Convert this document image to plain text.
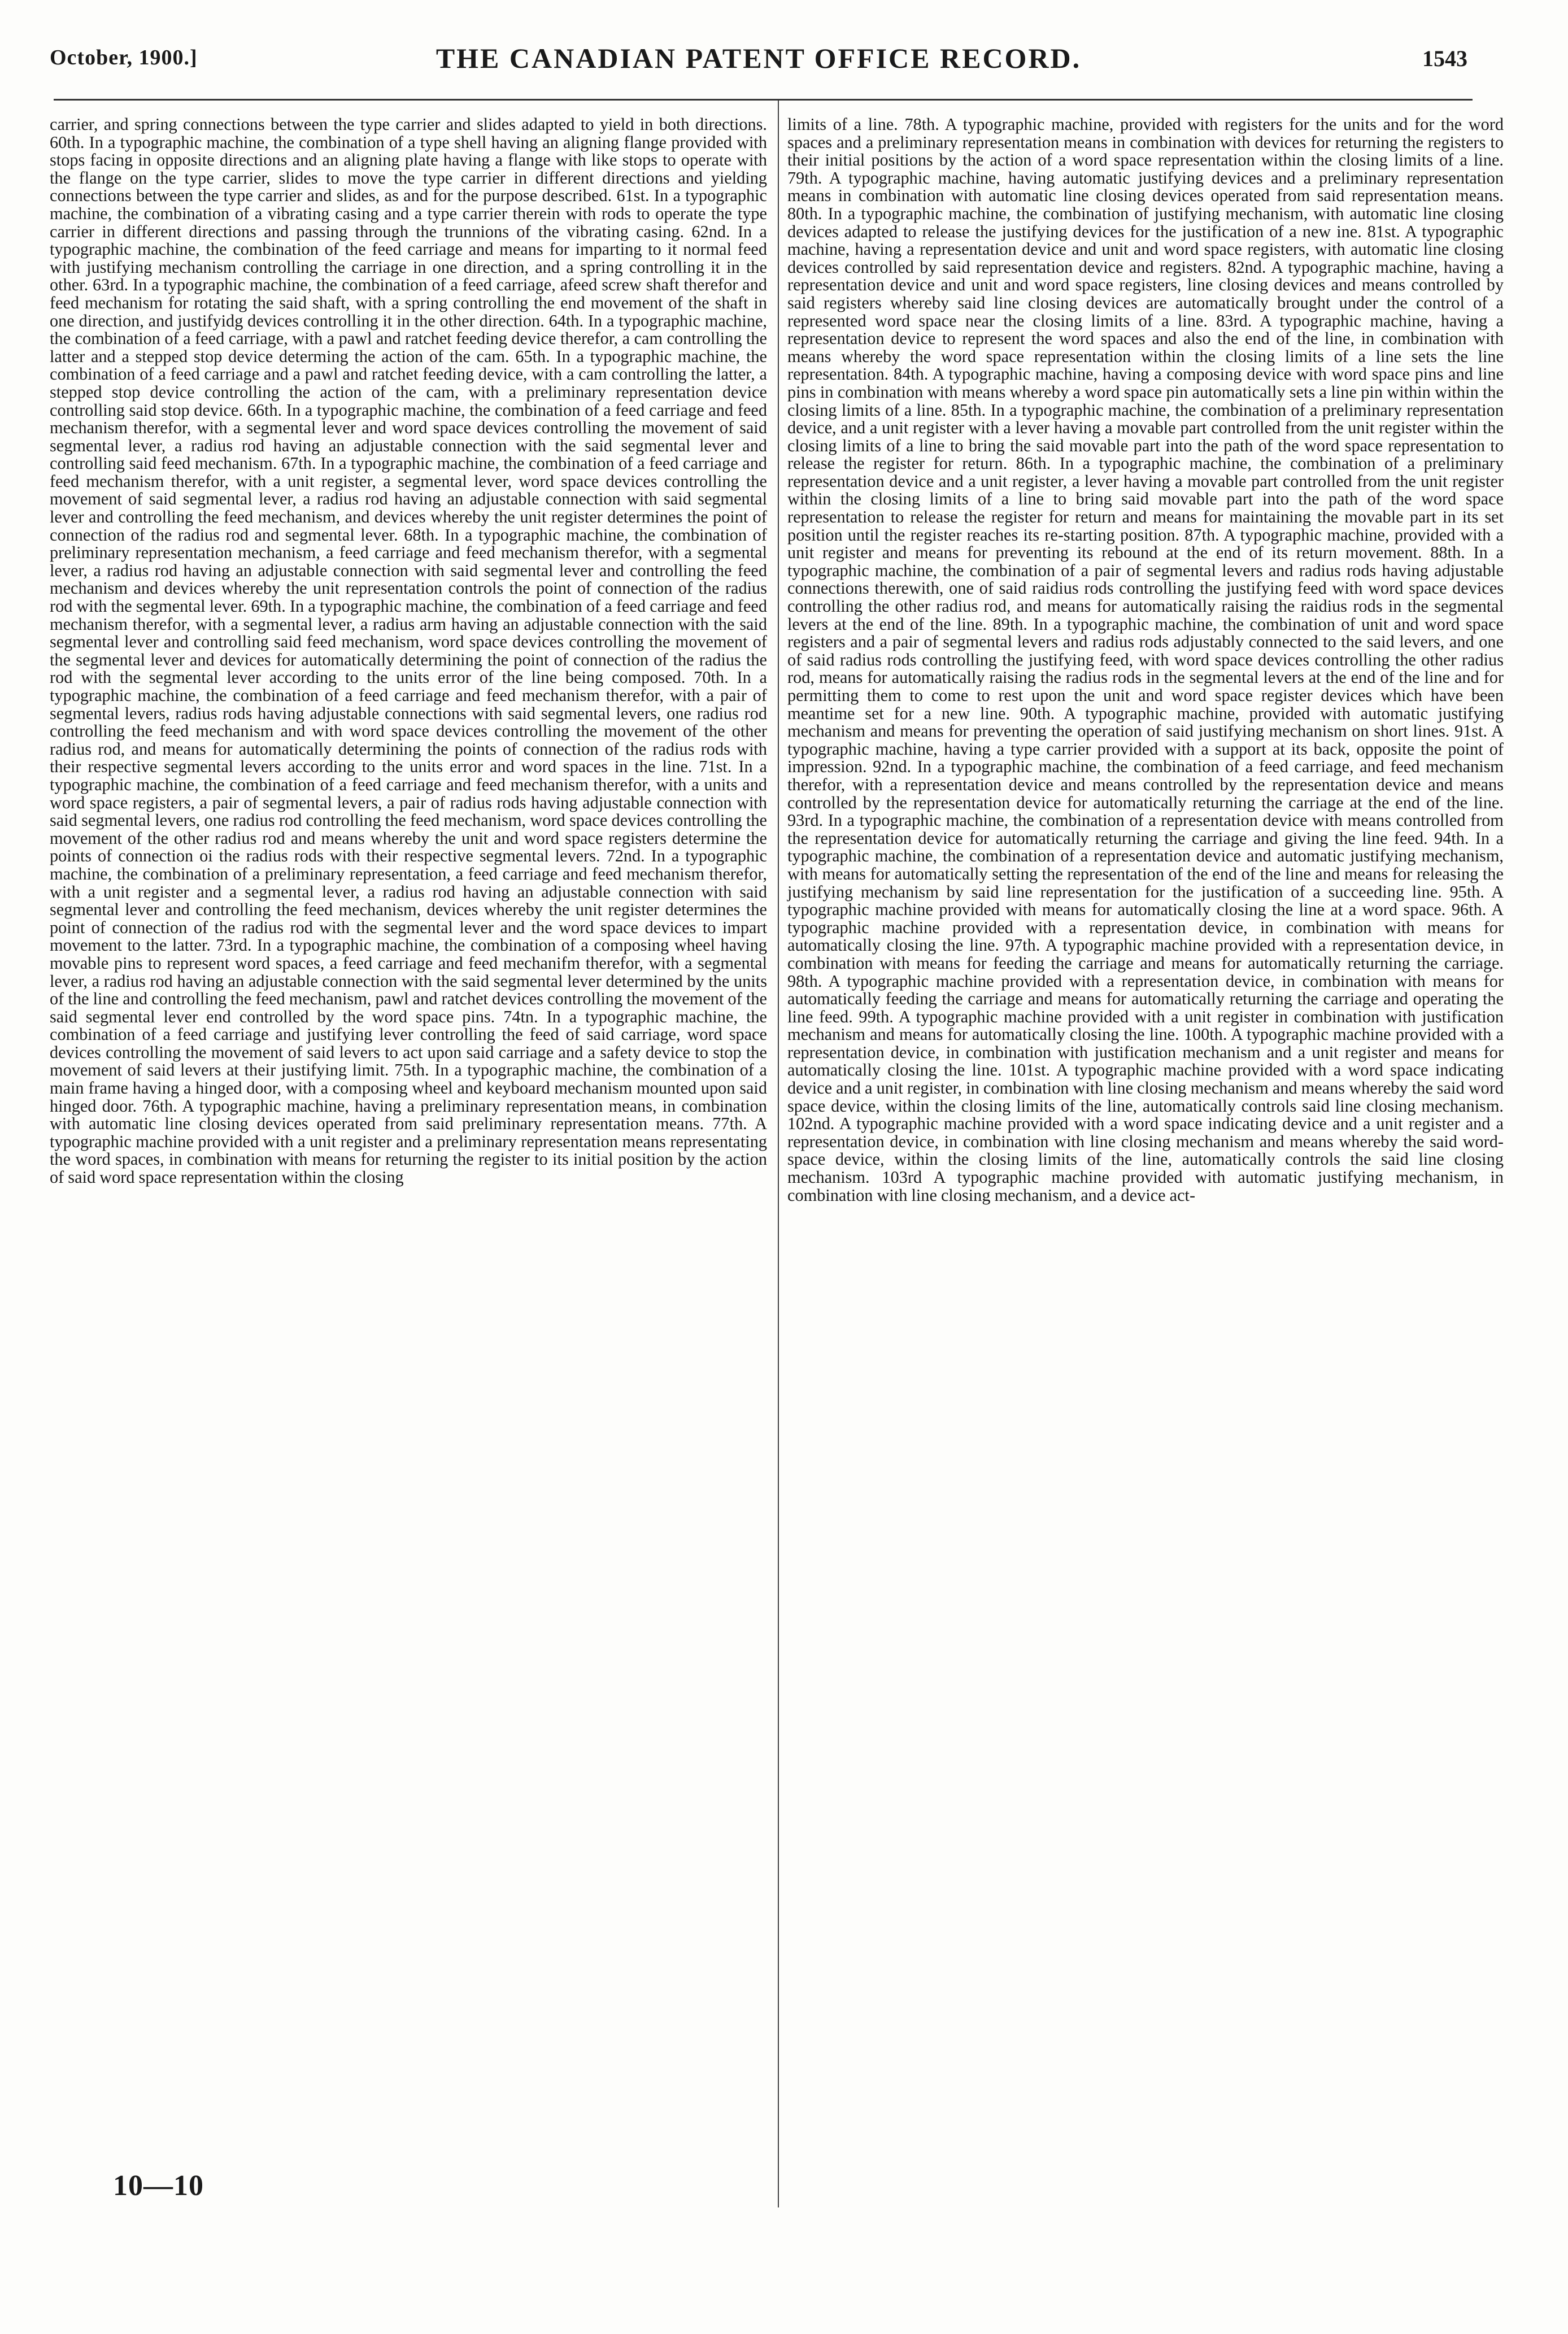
October, 1900.]	THE CANADIAN PATENT OFFICE RECORD.	1543

carrier, and spring connections between the type carrier and slides adapted to yield in both directions. 60th. In a typographic machine, the combination of a type shell having an aligning flange provided with stops facing in opposite directions and an aligning plate having a flange with like stops to operate with the flange on the type carrier, slides to move the type carrier in different directions and yielding connections between the type carrier and slides, as and for the purpose described. 61st. In a typographic machine, the combination of a vibrating casing and a type carrier therein with rods to operate the type carrier in different directions and passing through the trunnions of the vibrating casing. 62nd. In a typographic machine, the combination of the feed carriage and means for imparting to it normal feed with justifying mechanism controlling the carriage in one direction, and a spring controlling it in the other. 63rd. In a typographic machine, the combination of a feed carriage, afeed screw shaft therefor and feed mechanism for rotating the said shaft, with a spring controlling the end movement of the shaft in one direction, and justifyidg devices controlling it in the other direction. 64th. In a typographic machine, the combination of a feed carriage, with a pawl and ratchet feeding device therefor, a cam controlling the latter and a stepped stop device determing the action of the cam. 65th. In a typographic machine, the combination of a feed carriage and a pawl and ratchet feeding device, with a cam controlling the latter, a stepped stop device controlling the action of the cam, with a preliminary representation device controlling said stop device. 66th. In a typographic machine, the combination of a feed carriage and feed mechanism therefor, with a segmental lever and word space devices controlling the movement of said segmental lever, a radius rod having an adjustable connection with the said segmental lever and controlling said feed mechanism. 67th. In a typographic machine, the combination of a feed carriage and feed mechanism therefor, with a unit register, a segmental lever, word space devices controlling the movement of said segmental lever, a radius rod having an adjustable connection with said segmental lever and controlling the feed mechanism, and devices whereby the unit register determines the point of connection of the radius rod and segmental lever. 68th. In a typographic machine, the combination of preliminary representation mechanism, a feed carriage and feed mechanism therefor, with a segmental lever, a radius rod having an adjustable connection with said segmental lever and controlling the feed mechanism and devices whereby the unit representation controls the point of connection of the radius rod with the segmental lever. 69th. In a typographic machine, the combination of a feed carriage and feed mechanism therefor, with a segmental lever, a radius arm having an adjustable connection with the said segmental lever and controlling said feed mechanism, word space devices controlling the movement of the segmental lever and devices for automatically determining the point of connection of the radius the rod with the segmental lever according to the units error of the line being composed. 70th. In a typographic machine, the combination of a feed carriage and feed mechanism therefor, with a pair of segmental levers, radius rods having adjustable connections with said segmental levers, one radius rod controlling the feed mechanism and with word space devices controlling the movement of the other radius rod, and means for automatically determining the points of connection of the radius rods with their respective segmental levers according to the units error and word spaces in the line. 71st. In a typographic machine, the combination of a feed carriage and feed mechanism therefor, with a units and word space registers, a pair of segmental levers, a pair of radius rods having adjustable connection with said segmental levers, one radius rod controlling the feed mechanism, word space devices controlling the movement of the other radius rod and means whereby the unit and word space registers determine the points of connection oi the radius rods with their respective segmental levers. 72nd. In a typographic machine, the combination of a preliminary representation, a feed carriage and feed mechanism therefor, with a unit register and a segmental lever, a radius rod having an adjustable connection with said segmental lever and controlling the feed mechanism, devices whereby the unit register determines the point of connection of the radius rod with the segmental lever and the word space devices to impart movement to the latter. 73rd. In a typographic machine, the combination of a composing wheel having movable pins to represent word spaces, a feed carriage and feed mechanifm therefor, with a segmental lever, a radius rod having an adjustable connection with the said segmental lever determined by the units of the line and controlling the feed mechanism, pawl and ratchet devices controlling the movement of the said segmental lever end controlled by the word space pins. 74tn. In a typographic machine, the combination of a feed carriage and justifying lever controlling the feed of said carriage, word space devices controlling the movement of said levers to act upon said carriage and a safety device to stop the movement of said levers at their justifying limit. 75th. In a typographic machine, the combination of a main frame having a hinged door, with a composing wheel and keyboard mechanism mounted upon said hinged door. 76th. A typographic machine, having a preliminary representation means, in combination with automatic line closing devices operated from said preliminary representation means. 77th. A typographic machine provided with a unit register and a preliminary representation means representating the word spaces, in combination with means for returning the register to its initial position by the action of said word space representation within the closing

limits of a line. 78th. A typographic machine, provided with registers for the units and for the word spaces and a preliminary representation means in combination with devices for returning the registers to their initial positions by the action of a word space representation within the closing limits of a line. 79th. A typographic machine, having automatic justifying devices and a preliminary representation means in combination with automatic line closing devices operated from said representation means. 80th. In a typographic machine, the combination of justifying mechanism, with automatic line closing devices adapted to release the justifying devices for the justification of a new ine. 81st. A typographic machine, having a representation device and unit and word space registers, with automatic line closing devices controlled by said representation device and registers. 82nd. A typographic machine, having a representation device and unit and word space registers, line closing devices and means controlled by said registers whereby said line closing devices are automatically brought under the control of a represented word space near the closing limits of a line. 83rd. A typographic machine, having a representation device to represent the word spaces and also the end of the line, in combination with means whereby the word space representation within the closing limits of a line sets the line representation. 84th. A typographic machine, having a composing device with word space pins and line pins in combination with means whereby a word space pin automatically sets a line pin within within the closing limits of a line. 85th. In a typographic machine, the combination of a preliminary representation device, and a unit register with a lever having a movable part controlled from the unit register within the closing limits of a line to bring the said movable part into the path of the word space representation to release the register for return. 86th. In a typographic machine, the combination of a preliminary representation device and a unit register, a lever having a movable part controlled from the unit register within the closing limits of a line to bring said movable part into the path of the word space representation to release the register for return and means for maintaining the movable part in its set position until the register reaches its re-starting position. 87th. A typographic machine, provided with a unit register and means for preventing its rebound at the end of its return movement. 88th. In a typographic machine, the combination of a pair of segmental levers and radius rods having adjustable connections therewith, one of said raidius rods controlling the justifying feed with word space devices controlling the other radius rod, and means for automatically raising the raidius rods in the segmental levers at the end of the line. 89th. In a typographic machine, the combination of unit and word space registers and a pair of segmental levers and radius rods adjustably connected to the said levers, and one of said radius rods controlling the justifying feed, with word space devices controlling the other radius rod, means for automatically raising the radius rods in the segmental levers at the end of the line and for permitting them to come to rest upon the unit and word space register devices which have been meantime set for a new line. 90th. A typographic machine, provided with automatic justifying mechanism and means for preventing the operation of said justifying mechanism on short lines. 91st. A typographic machine, having a type carrier provided with a support at its back, opposite the point of impression. 92nd. In a typographic machine, the combination of a feed carriage, and feed mechanism therefor, with a representation device and means controlled by the representation device and means controlled by the representation device for automatically returning the carriage at the end of the line. 93rd. In a typographic machine, the combination of a representation device with means controlled from the representation device for automatically returning the carriage and giving the line feed. 94th. In a typographic machine, the combination of a representation device and automatic justifying mechanism, with means for automatically setting the representation of the end of the line and means for releasing the justifying mechanism by said line representation for the justification of a succeeding line. 95th. A typographic machine provided with means for automatically closing the line at a word space. 96th. A typographic machine provided with a representation device, in combination with means for automatically closing the line. 97th. A typographic machine provided with a representation device, in combination with means for feeding the carriage and means for automatically returning the carriage. 98th. A typographic machine provided with a representation device, in combination with means for automatically feeding the carriage and means for automatically returning the carriage and operating the line feed. 99th. A typographic machine provided with a unit register in combination with justification mechanism and means for automatically closing the line. 100th. A typographic machine provided with a representation device, in combination with justification mechanism and a unit register and means for automatically closing the line. 101st. A typographic machine provided with a word space indicating device and a unit register, in combination with line closing mechanism and means whereby the said word space device, within the closing limits of the line, automatically controls said line closing mechanism. 102nd. A typographic machine provided with a word space indicating device and a unit register and a representation device, in combination with line closing mechanism and means whereby the said word-space device, within the closing limits of the line, automatically controls the said line closing mechanism. 103rd A typographic machine provided with automatic justifying mechanism, in combination with line closing mechanism, and a device act-

10—10
